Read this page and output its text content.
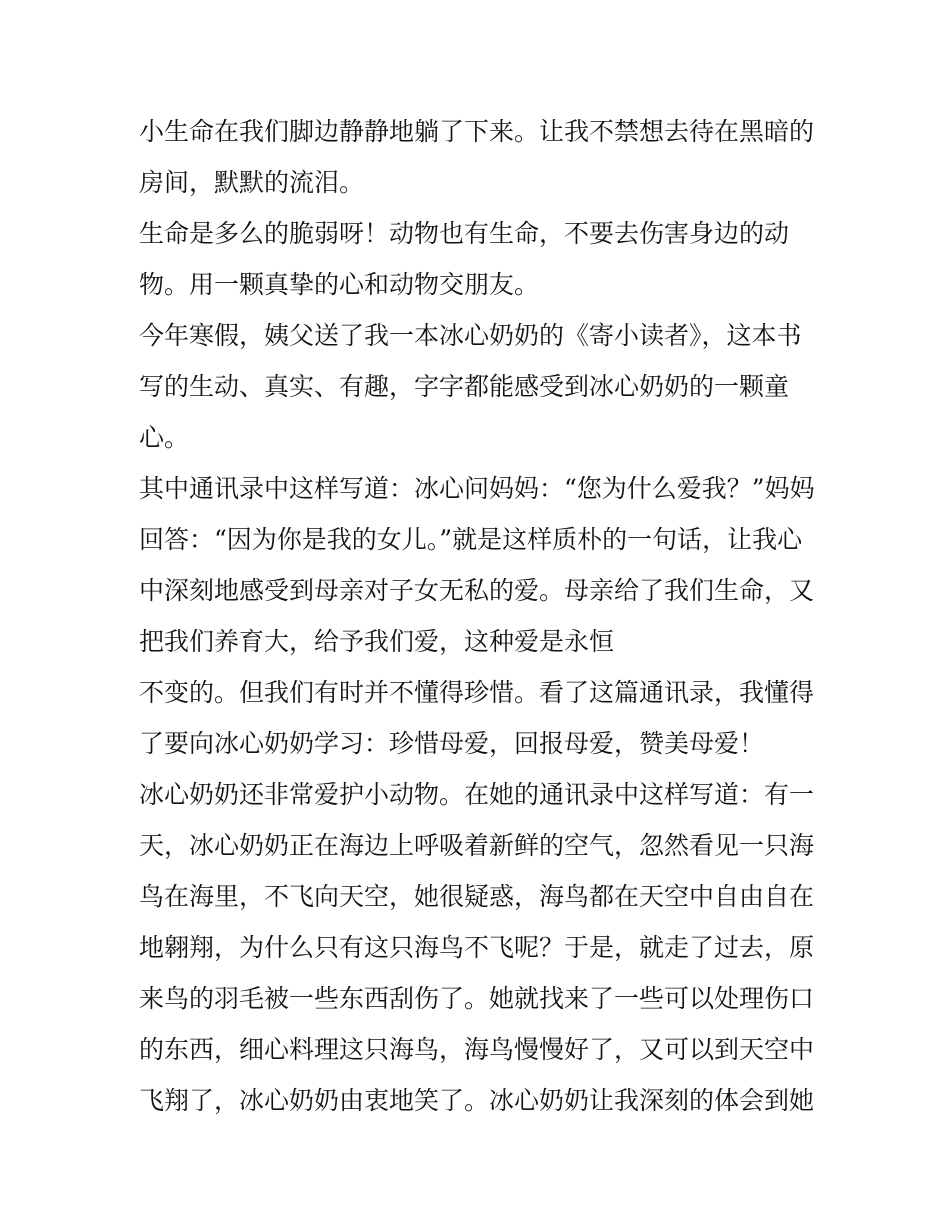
小生命在我们脚边静静地躺了下来。让我不禁想去待在黑暗的
房间，默默的流泪。
生命是多么的脆弱呀！动物也有生命，不要去伤害身边的动
物。用一颗真挚的心和动物交朋友。
今年寒假，姨父送了我一本冰心奶奶的《寄小读者》，这本书
写的生动、真实、有趣，字字都能感受到冰心奶奶的一颗童
心。
其中通讯录中这样写道：冰心问妈妈：“您为什么爱我？”妈妈
回答：“因为你是我的女儿。”就是这样质朴的一句话，让我心
中深刻地感受到母亲对子女无私的爱。母亲给了我们生命，又
把我们养育大，给予我们爱，这种爱是永恒
不变的。但我们有时并不懂得珍惜。看了这篇通讯录，我懂得
了要向冰心奶奶学习：珍惜母爱，回报母爱，赞美母爱！
冰心奶奶还非常爱护小动物。在她的通讯录中这样写道：有一
天，冰心奶奶正在海边上呼吸着新鲜的空气，忽然看见一只海
鸟在海里，不飞向天空，她很疑惑，海鸟都在天空中自由自在
地翱翔，为什么只有这只海鸟不飞呢？于是，就走了过去，原
来鸟的羽毛被一些东西刮伤了。她就找来了一些可以处理伤口
的东西，细心料理这只海鸟，海鸟慢慢好了，又可以到天空中
飞翔了，冰心奶奶由衷地笑了。冰心奶奶让我深刻的体会到她
